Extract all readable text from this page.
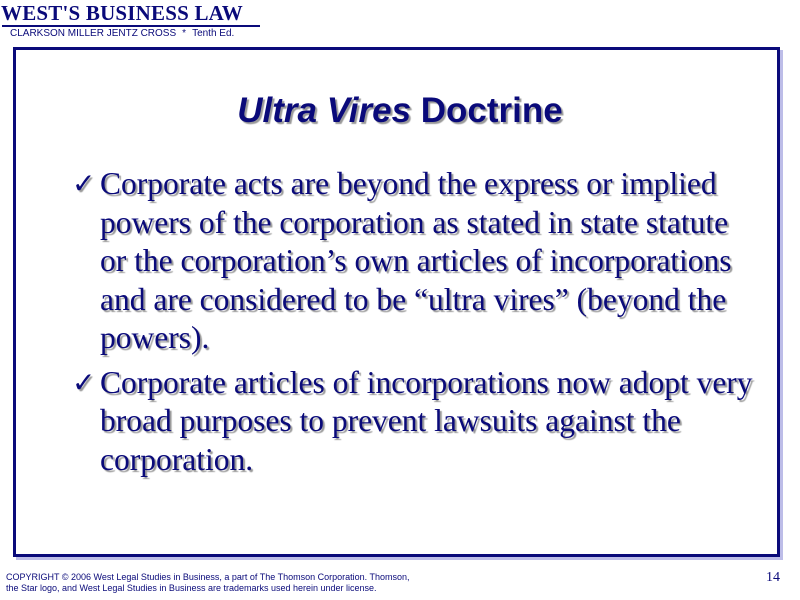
WEST'S BUSINESS LAW
CLARKSON MILLER JENTZ CROSS * Tenth Ed.
Ultra Vires Doctrine
✓ Corporate acts are beyond the express or implied powers of the corporation as stated in state statute or the corporation’s own articles of incorporations and are considered to be “ultra vires” (beyond the powers).
✓ Corporate articles of incorporations now adopt very broad purposes to prevent lawsuits against the corporation.
COPYRIGHT © 2006 West Legal Studies in Business, a part of The Thomson Corporation. Thomson,
the Star logo, and West Legal Studies in Business are trademarks used herein under license.
14
